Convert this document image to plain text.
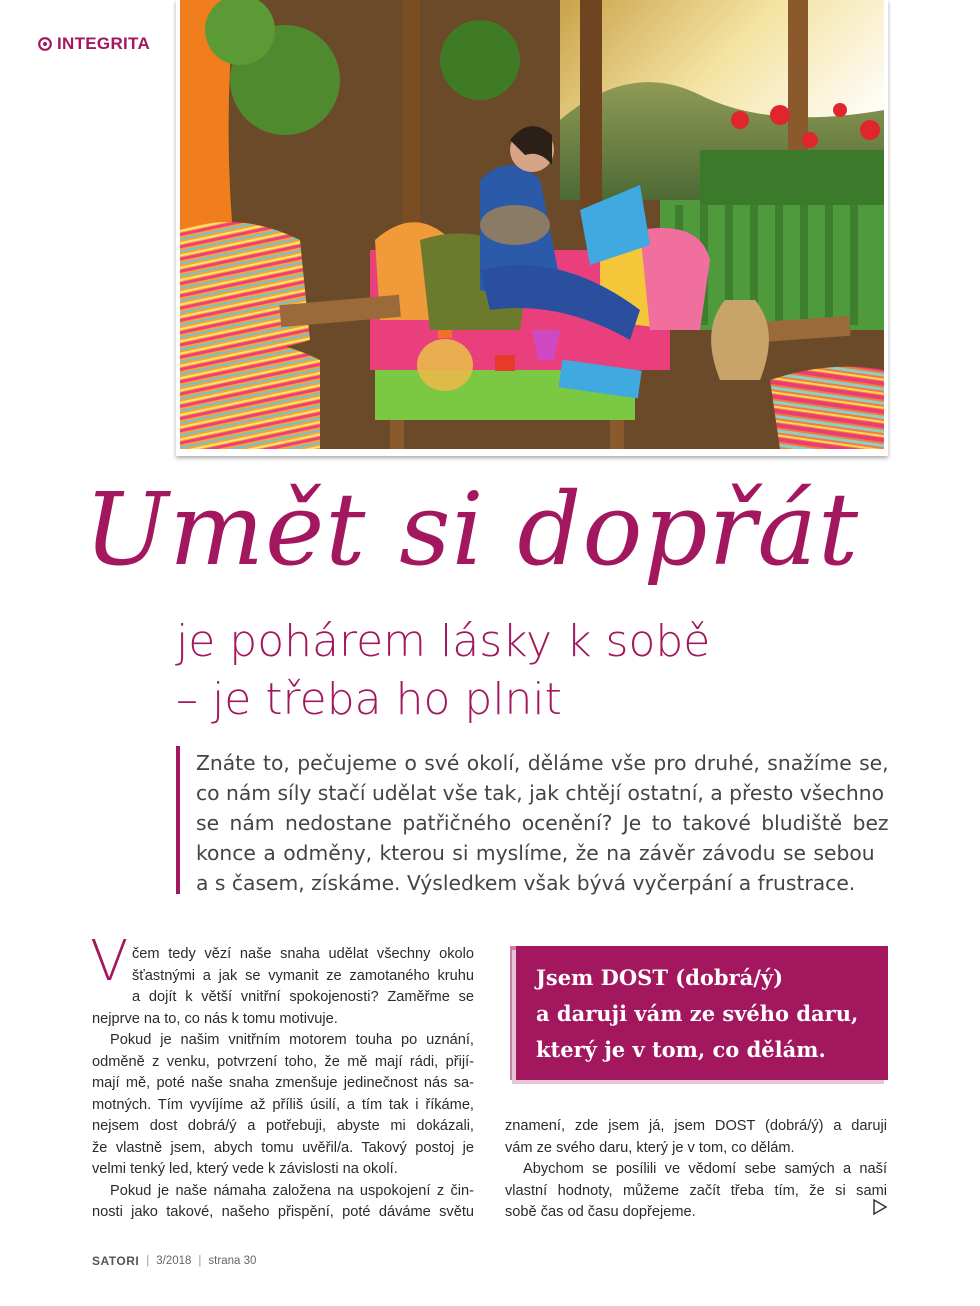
INTEGRITA
Umět si dopřát
je pohárem lásky k sobě
– je třeba ho plnit
Znáte to, pečujeme o své okolí, děláme vše pro druhé, snažíme se,
co nám síly stačí udělat vše tak, jak chtějí ostatní, a přesto všechno
se nám nedostane patřičného ocenění? Je to takové bludiště bez
konce a odměny, kterou si myslíme, že na závěr závodu se sebou
a s časem, získáme. Výsledkem však bývá vyčerpání a frustrace.
V čem tedy vězí naše snaha udělat všechny okolo
šťastnými a jak se vymanit ze zamotaného kruhu
a dojít k větší vnitřní spokojenosti? Zaměřme se

nejprve na to, co nás k tomu motivuje.

Pokud je našim vnitřním motorem touha po uznání,
odměně z venku, potvrzení toho, že mě mají rádi, přijí-
mají mě, poté naše snaha zmenšuje jedinečnost nás sa-
motných. Tím vyvíjíme až příliš úsilí, a tím tak i říkáme,
nejsem dost dobrá/ý a potřebuji, abyste mi dokázali,
že vlastně jsem, abych tomu uvěřil/a. Takový postoj je
velmi tenký led, který vede k závislosti na okolí.

Pokud je naše námaha založena na uspokojení z čin-
nosti jako takové, našeho přispění, poté dáváme světu

Jsem DOST (dobrá/ý)
a daruji vám ze svého daru,
který je v tom, co dělám.

znamení, zde jsem já, jsem DOST (dobrá/ý) a daruji
vám ze svého daru, který je v tom, co dělám.

Abychom se posílili ve vědomí sebe samých a naší
vlastní hodnoty, můžeme začít třeba tím, že si sami
sobě čas od času dopřejeme.

SATORI | 3/2018 | strana 30
